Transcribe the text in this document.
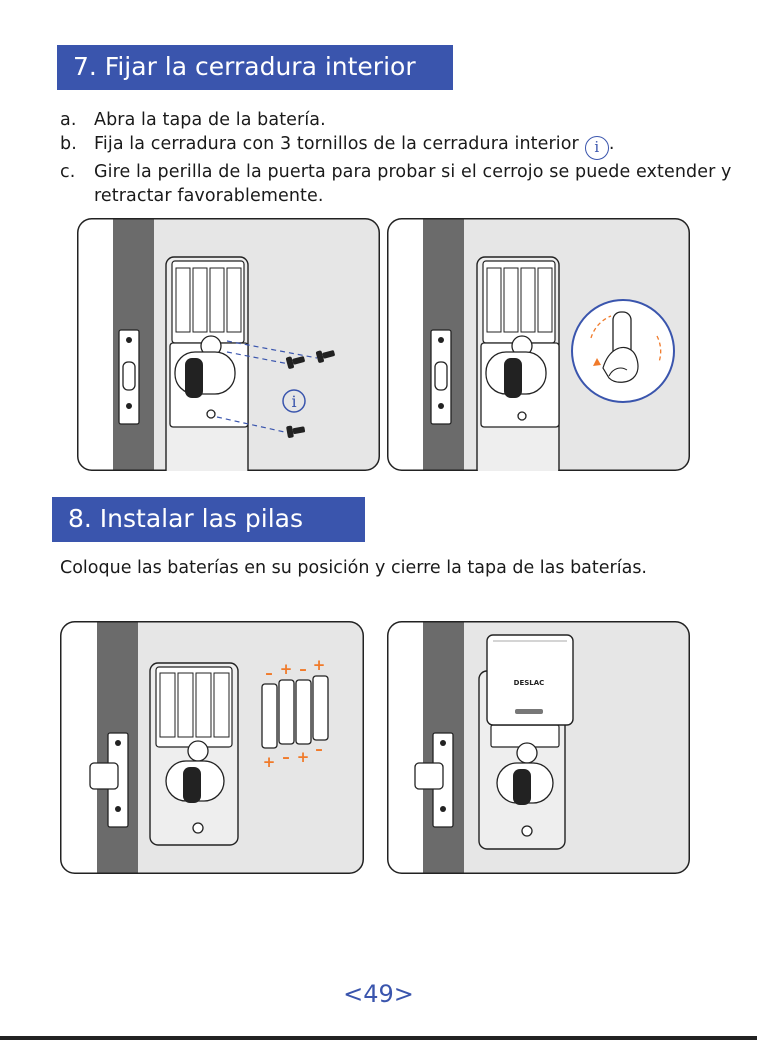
7. Fijar la cerradura interior
a.	Abra la tapa de la batería.
b. Fija la cerradura con 3 tornillos de la cerradura interior i .
c.	Gire la perilla de la puerta para probar si el cerrojo se puede extender y retractar favorablemente.
i
8. Instalar las pilas
Coloque las baterías en su posición y cierre la tapa de las baterías.
– + – +
+ – + –
DESLAC
<49>
